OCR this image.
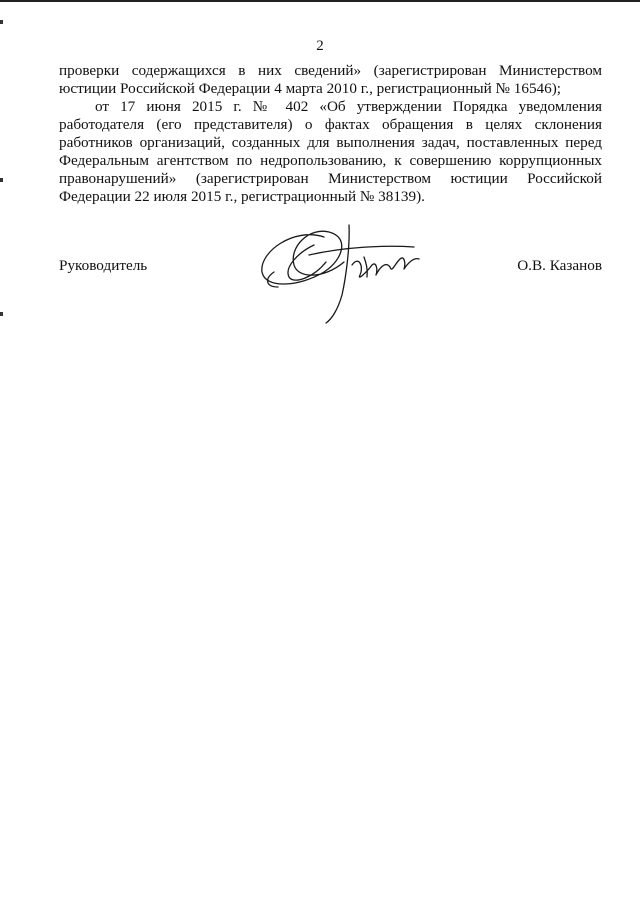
2
проверки содержащихся в них сведений» (зарегистрирован Министерством юстиции Российской Федерации 4 марта 2010 г., регистрационный № 16546);
от 17 июня 2015 г. № 402 «Об утверждении Порядка уведомления работодателя (его представителя) о фактах обращения в целях склонения работников организаций, созданных для выполнения задач, поставленных перед Федеральным агентством по недропользованию, к совершению коррупционных правонарушений» (зарегистрирован Министерством юстиции Российской Федерации 22 июля 2015 г., регистрационный № 38139).
Руководитель	О.В. Казанов
